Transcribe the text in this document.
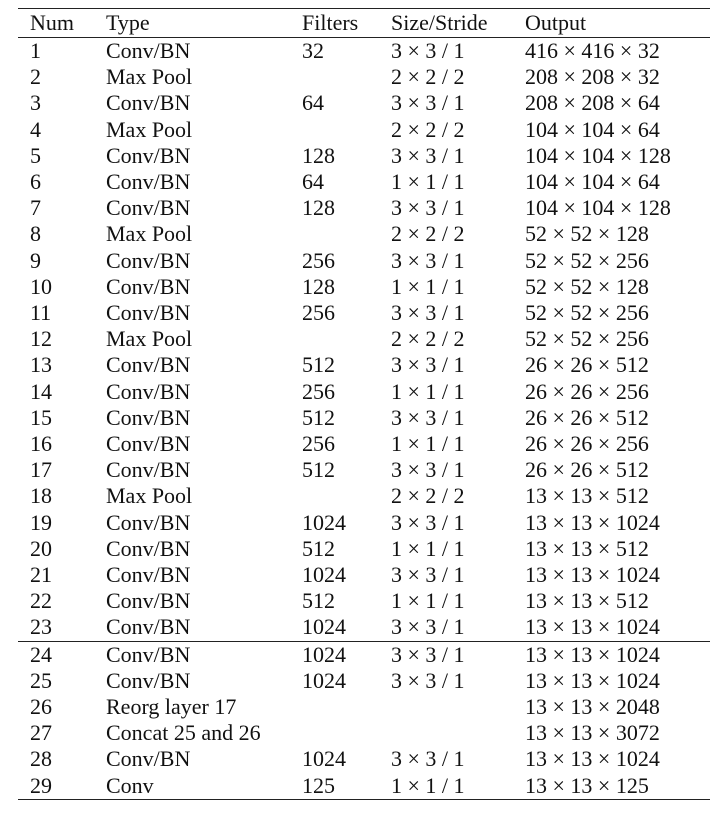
Num	Type	Filters	Size/Stride	Output
1	Conv/BN	32	3 × 3 / 1	416 × 416 × 32
2	Max Pool		2 × 2 / 2	208 × 208 × 32
3	Conv/BN	64	3 × 3 / 1	208 × 208 × 64
4	Max Pool		2 × 2 / 2	104 × 104 × 64
5	Conv/BN	128	3 × 3 / 1	104 × 104 × 128
6	Conv/BN	64	1 × 1 / 1	104 × 104 × 64
7	Conv/BN	128	3 × 3 / 1	104 × 104 × 128
8	Max Pool		2 × 2 / 2	52 × 52 × 128
9	Conv/BN	256	3 × 3 / 1	52 × 52 × 256
10	Conv/BN	128	1 × 1 / 1	52 × 52 × 128
11	Conv/BN	256	3 × 3 / 1	52 × 52 × 256
12	Max Pool		2 × 2 / 2	52 × 52 × 256
13	Conv/BN	512	3 × 3 / 1	26 × 26 × 512
14	Conv/BN	256	1 × 1 / 1	26 × 26 × 256
15	Conv/BN	512	3 × 3 / 1	26 × 26 × 512
16	Conv/BN	256	1 × 1 / 1	26 × 26 × 256
17	Conv/BN	512	3 × 3 / 1	26 × 26 × 512
18	Max Pool		2 × 2 / 2	13 × 13 × 512
19	Conv/BN	1024	3 × 3 / 1	13 × 13 × 1024
20	Conv/BN	512	1 × 1 / 1	13 × 13 × 512
21	Conv/BN	1024	3 × 3 / 1	13 × 13 × 1024
22	Conv/BN	512	1 × 1 / 1	13 × 13 × 512
23	Conv/BN	1024	3 × 3 / 1	13 × 13 × 1024
24	Conv/BN	1024	3 × 3 / 1	13 × 13 × 1024
25	Conv/BN	1024	3 × 3 / 1	13 × 13 × 1024
26	Reorg layer 17			13 × 13 × 2048
27	Concat 25 and 26			13 × 13 × 3072
28	Conv/BN	1024	3 × 3 / 1	13 × 13 × 1024
29	Conv	125	1 × 1 / 1	13 × 13 × 125
